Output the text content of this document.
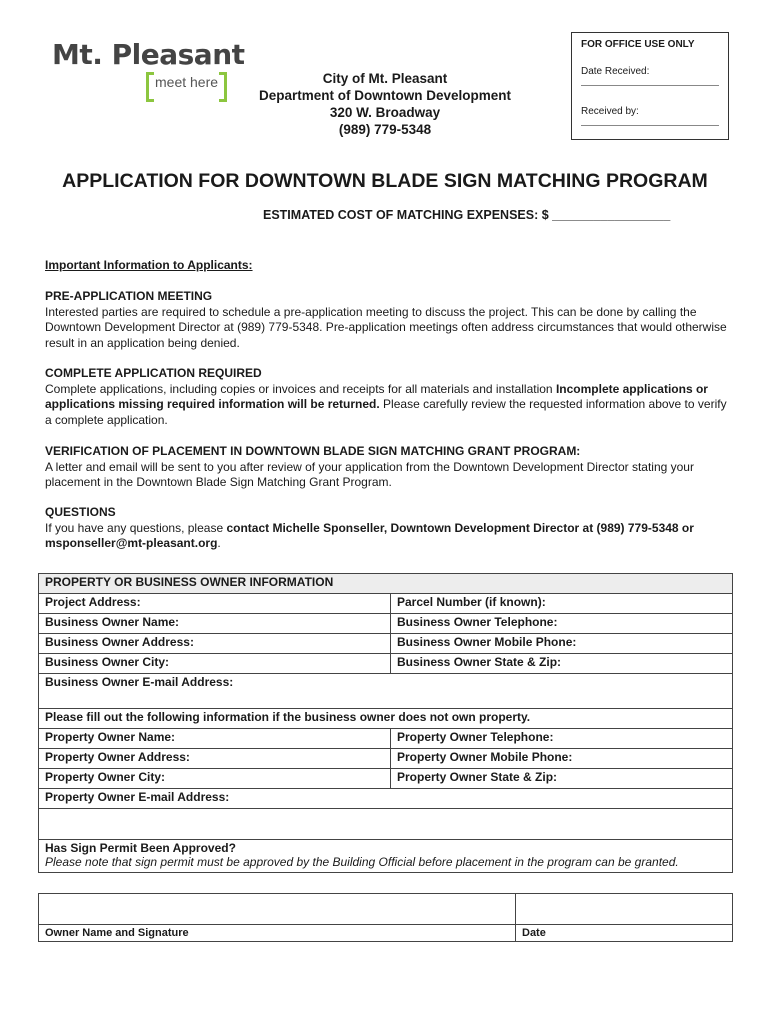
Mt. Pleasant
meet here	City of Mt. Pleasant
Department of Downtown Development
320 W. Broadway
(989) 779-5348
FOR OFFICE USE ONLY
Date Received:
Received by:
APPLICATION FOR DOWNTOWN BLADE SIGN MATCHING PROGRAM
ESTIMATED COST OF MATCHING EXPENSES: $ _________________
Important Information to Applicants:
PRE-APPLICATION MEETING
Interested parties are required to schedule a pre-application meeting to discuss the project. This can be done by calling the Downtown Development Director at (989) 779-5348. Pre-application meetings often address circumstances that would otherwise result in an application being denied.
COMPLETE APPLICATION REQUIRED
Complete applications, including copies or invoices and receipts for all materials and installation Incomplete applications or applications missing required information will be returned. Please carefully review the requested information above to verify a complete application.
VERIFICATION OF PLACEMENT IN DOWNTOWN BLADE SIGN MATCHING GRANT PROGRAM:
A letter and email will be sent to you after review of your application from the Downtown Development Director stating your placement in the Downtown Blade Sign Matching Grant Program.
QUESTIONS
If you have any questions, please contact Michelle Sponseller, Downtown Development Director at (989) 779-5348 or msponseller@mt-pleasant.org.
PROPERTY OR BUSINESS OWNER INFORMATION	
Project Address:	Parcel Number (if known):
Business Owner Name:	Business Owner Telephone:
Business Owner Address:	Business Owner Mobile Phone:
Business Owner City:	Business Owner State & Zip:
Business Owner E-mail Address:	
Please fill out the following information if the business owner does not own property.	
Property Owner Name:	Property Owner Telephone:
Property Owner Address:	Property Owner Mobile Phone:
Property Owner City:	Property Owner State & Zip:
Property Owner E-mail Address:	

Has Sign Permit Been Approved?
Please note that sign permit must be approved by the Building Official before placement in the program can be granted.	

Owner Name and Signature	Date
